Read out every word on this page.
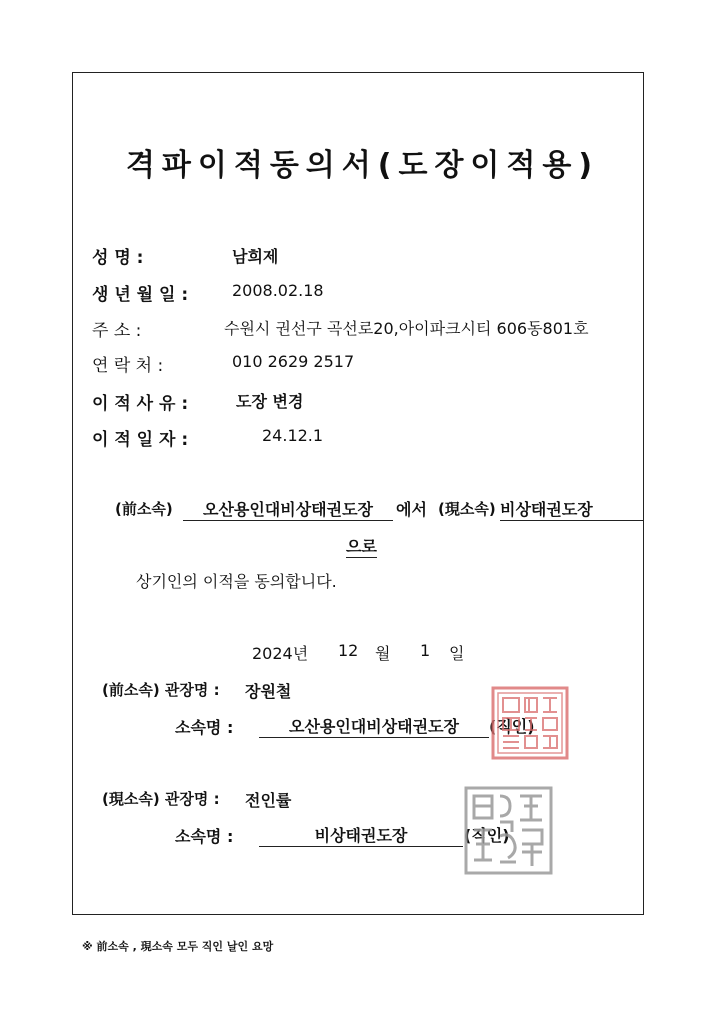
격파이적동의서(도장이적용)
성 명 :	남희제
생 년 월 일 :	2008.02.18
주 소 :	수원시 권선구 곡선로20,아이파크시티 606동801호
연 락 처 :	010 2629 2517
이 적 사 유 :	도장 변경
이 적 일 자 :	24.12.1
(前소속)	오산용인대비상태권도장	에서 (現소속) 비상태권도장
으로
상기인의 이적을 동의합니다.
2024년 12 월 1 일
(前소속) 관장명 : 장원철
소속명 :	오산용인대비상태권도장	(직인)
(現소속) 관장명 : 전인률
소속명 :	비상태권도장	(직인)
※ 前소속 , 現소속 모두 직인 날인 요망
